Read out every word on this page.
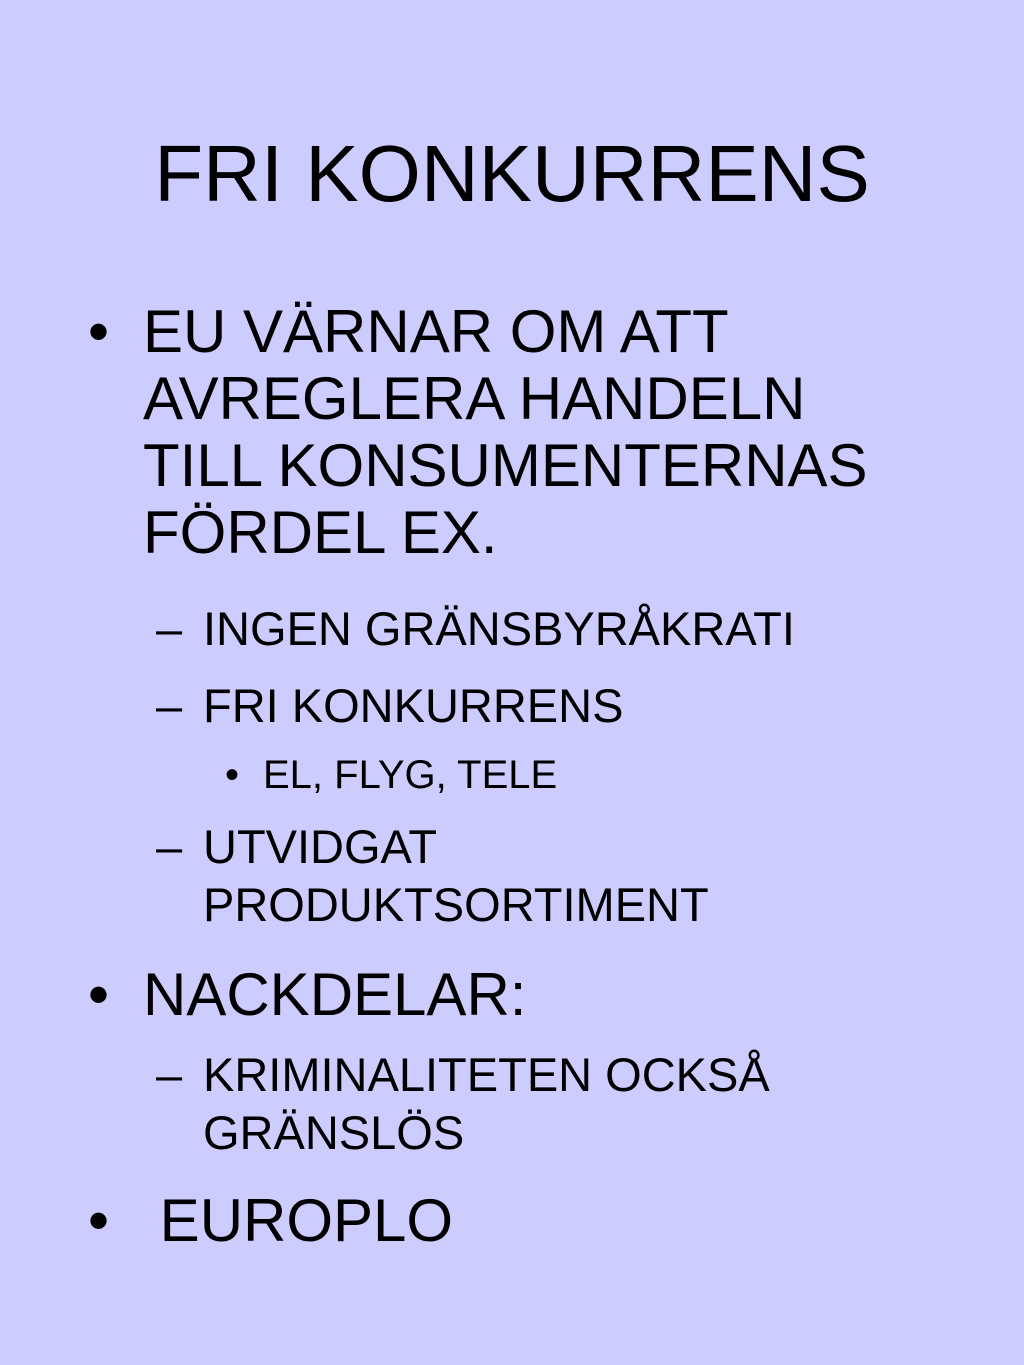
FRI KONKURRENS
• EU VÄRNAR OM ATT
AVREGLERA HANDELN
TILL KONSUMENTERNAS
FÖRDEL EX.
– INGEN GRÄNSBYRÅKRATI
– FRI KONKURRENS
• EL, FLYG, TELE
– UTVIDGAT
PRODUKTSORTIMENT
• NACKDELAR:
– KRIMINALITETEN OCKSÅ
GRÄNSLÖS
• EUROPLO
